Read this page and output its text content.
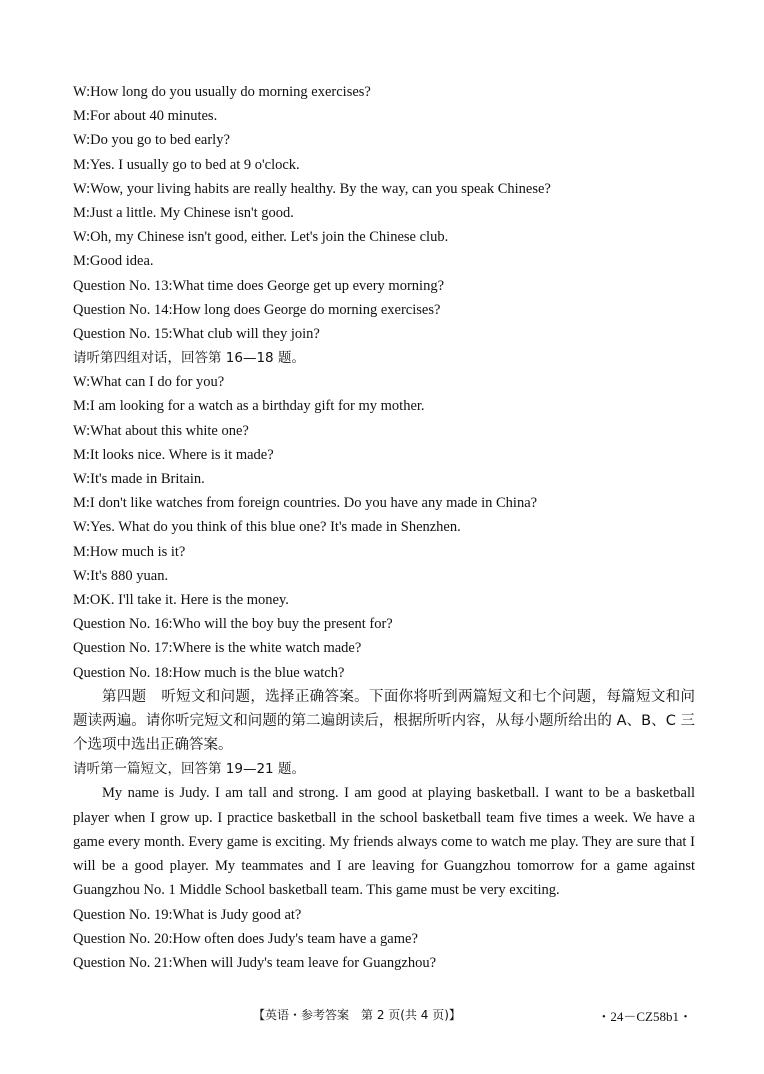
W:How long do you usually do morning exercises?
M:For about 40 minutes.
W:Do you go to bed early?
M:Yes. I usually go to bed at 9 o'clock.
W:Wow, your living habits are really healthy. By the way, can you speak Chinese?
M:Just a little. My Chinese isn't good.
W:Oh, my Chinese isn't good, either. Let's join the Chinese club.
M:Good idea.
Question No. 13:What time does George get up every morning?
Question No. 14:How long does George do morning exercises?
Question No. 15:What club will they join?
请听第四组对话，回答第 16—18 题。
W:What can I do for you?
M:I am looking for a watch as a birthday gift for my mother.
W:What about this white one?
M:It looks nice. Where is it made?
W:It's made in Britain.
M:I don't like watches from foreign countries. Do you have any made in China?
W:Yes. What do you think of this blue one? It's made in Shenzhen.
M:How much is it?
W:It's 880 yuan.
M:OK. I'll take it. Here is the money.
Question No. 16:Who will the boy buy the present for?
Question No. 17:Where is the white watch made?
Question No. 18:How much is the blue watch?
第四题　听短文和问题，选择正确答案。下面你将听到两篇短文和七个问题，每篇短文和问题读两遍。请你听完短文和问题的第二遍朗读后，根据所听内容，从每小题所给出的 A、B、C 三个选项中选出正确答案。
请听第一篇短文，回答第 19—21 题。
My name is Judy. I am tall and strong. I am good at playing basketball. I want to be a basketball player when I grow up. I practice basketball in the school basketball team five times a week. We have a game every month. Every game is exciting. My friends always come to watch me play. They are sure that I will be a good player. My teammates and I are leaving for Guangzhou tomorrow for a game against Guangzhou No. 1 Middle School basketball team. This game must be very exciting.
Question No. 19:What is Judy good at?
Question No. 20:How often does Judy's team have a game?
Question No. 21:When will Judy's team leave for Guangzhou?
【英语・参考答案　第 2 页(共 4 页)】	・24－CZ58b1・
